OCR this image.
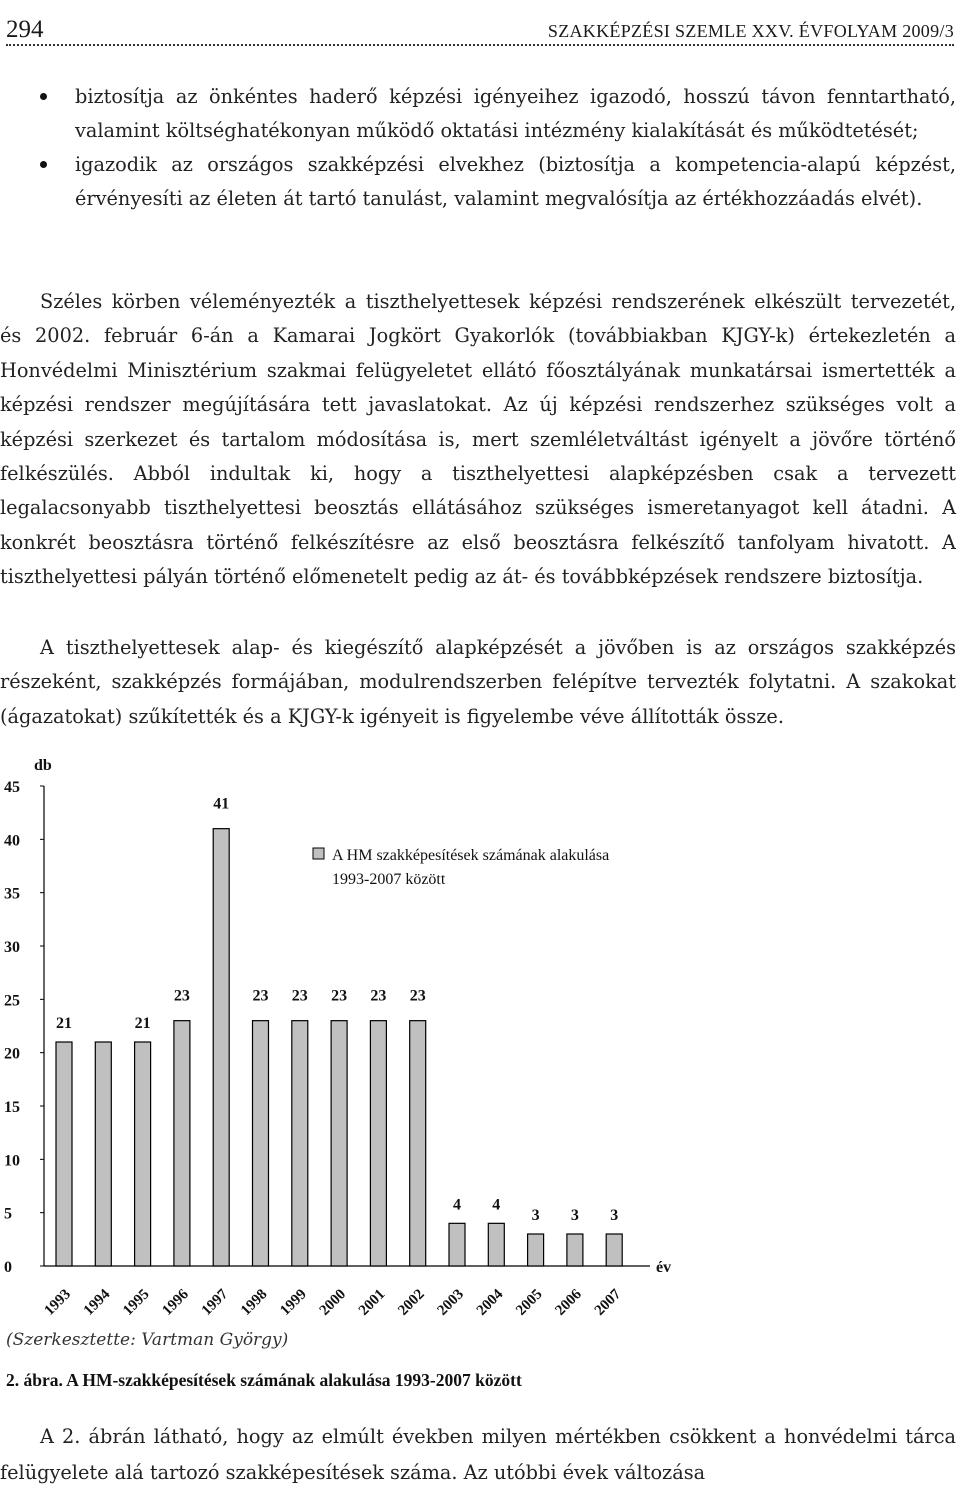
294	SZAKKÉPZÉSI SZEMLE XXV. ÉVFOLYAM 2009/3
biztosítja az önkéntes haderő képzési igényeihez igazodó, hosszú távon fenntartható, valamint költséghatékonyan működő oktatási intézmény kialakítását és működtetését;
igazodik az országos szakképzési elvekhez (biztosítja a kompetencia-alapú képzést, érvényesíti az életen át tartó tanulást, valamint megvalósítja az értékhozzáadás elvét).

Széles körben véleményezték a tiszthelyettesek képzési rendszerének elkészült tervezetét, és 2002. február 6-án a Kamarai Jogkört Gyakorlók (továbbiakban KJGY-k) értekezletén a Honvédelmi Minisztérium szakmai felügyeletet ellátó főosztályának munkatársai ismertették a képzési rendszer megújítására tett javaslatokat. Az új képzési rendszerhez szükséges volt a képzési szerkezet és tartalom módosítása is, mert szemléletváltást igényelt a jövőre történő felkészülés. Abból indultak ki, hogy a tiszthelyettesi alapképzésben csak a tervezett legalacsonyabb tiszthelyettesi beosztás ellátásához szükséges ismeretanyagot kell átadni. A konkrét beosztásra történő felkészítésre az első beosztásra felkészítő tanfolyam hivatott. A tiszthelyettesi pályán történő előmenetelt pedig az át- és továbbképzések rendszere biztosítja.

A tiszthelyettesek alap- és kiegészítő alapképzését a jövőben is az országos szakképzés részeként, szakképzés formájában, modulrendszerben felépítve tervezték folytatni. A szakokat (ágazatokat) szűkítették és a KJGY-k igényeit is figyelembe véve állították össze.

0
5
10
15
20
25
30
35
40
45
db
év
21
1993 1994
21
1995
23
1996
41
1997
23
1998
23
1999
23
2000
23
2001
23
2002
4
2003
4
2004
3
2005
3
2006
3
2007
A HM szakképesítések számának alakulása
1993-2007 között
(Szerkesztette: Vartman György)
2. ábra. A HM-szakképesítések számának alakulása 1993-2007 között

A 2. ábrán látható, hogy az elmúlt években milyen mértékben csökkent a honvédelmi tárca felügyelete alá tartozó szakképesítések száma. Az utóbbi évek változása
